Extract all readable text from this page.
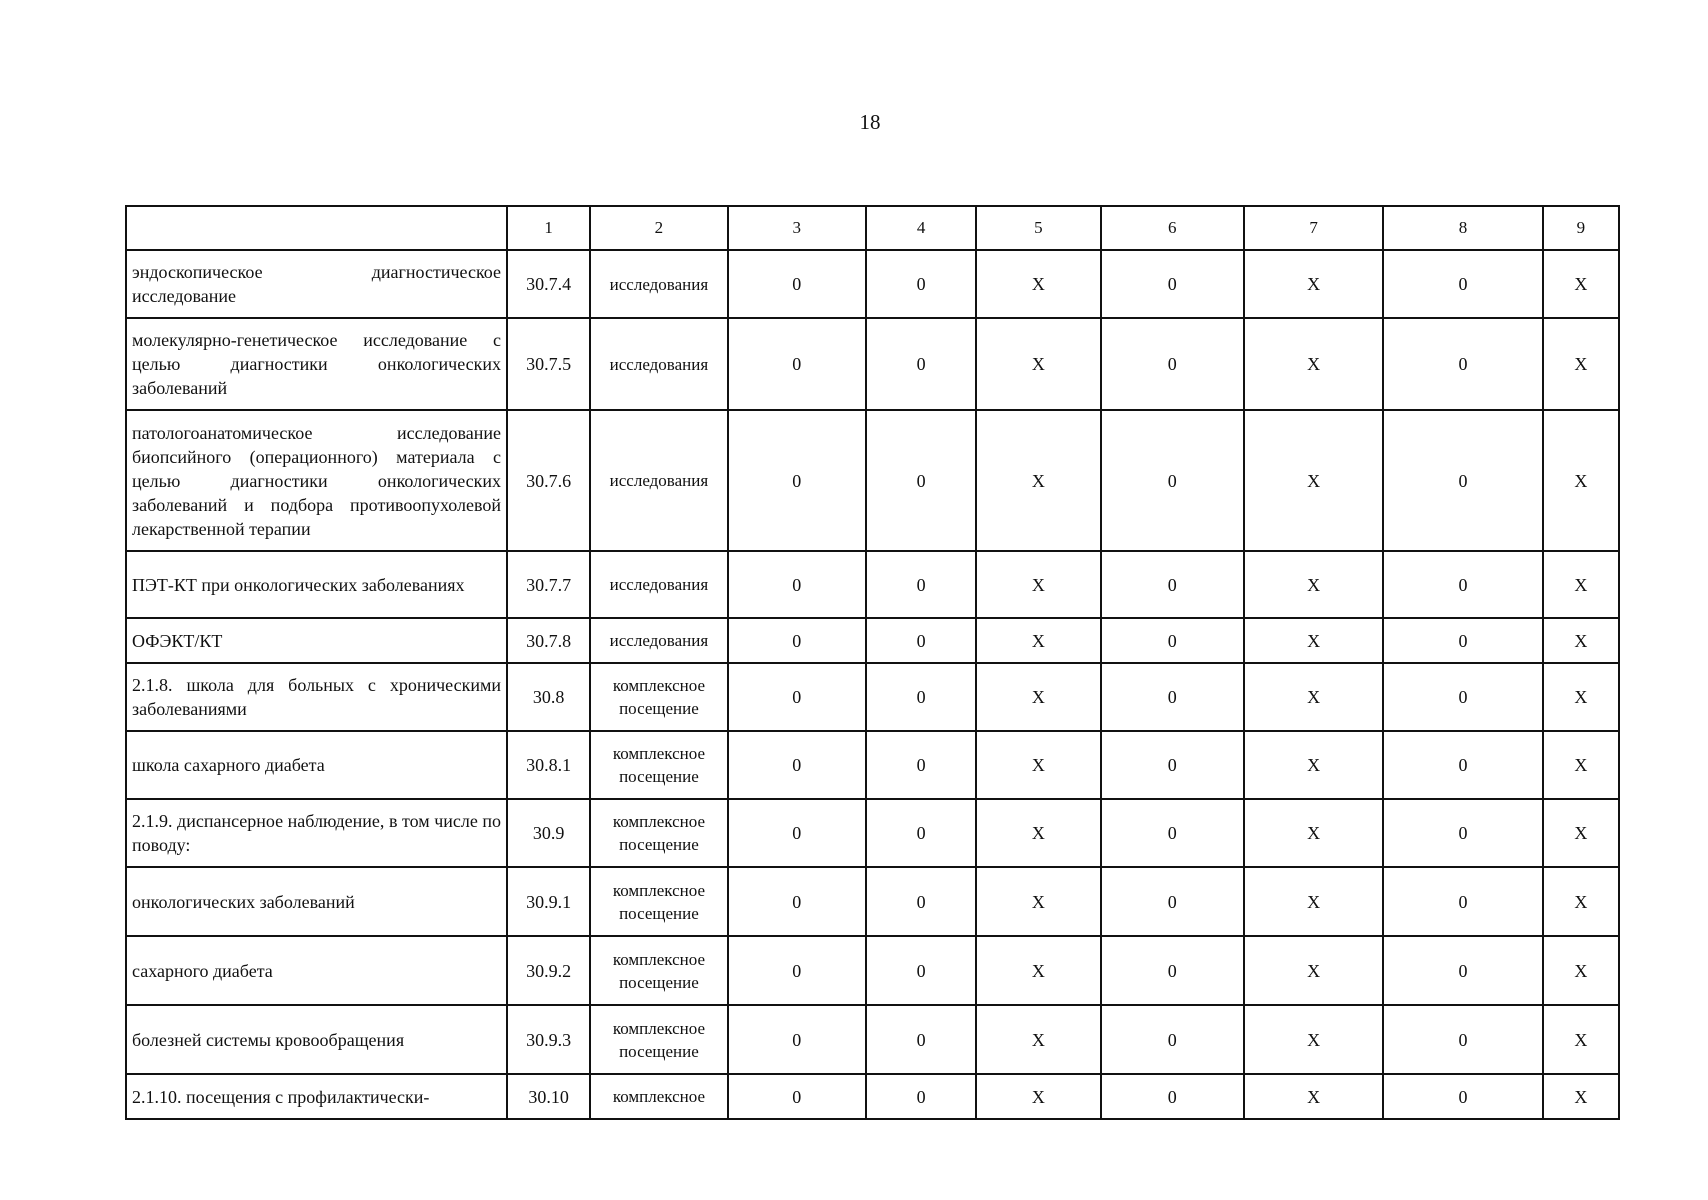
18
	1	2	3	4	5	6	7	8	9
эндоскопическое диагностическое исследование	30.7.4	исследования	0	0	X	0	X	0	X
молекулярно-генетическое исследование с целью диагностики онкологических заболеваний	30.7.5	исследования	0	0	X	0	X	0	X
патологоанатомическое исследование биопсийного (операционного) материала с целью диагностики онкологических заболеваний и подбора противоопухолевой лекарственной терапии	30.7.6	исследования	0	0	X	0	X	0	X
ПЭТ-КТ при онкологических заболеваниях	30.7.7	исследования	0	0	X	0	X	0	X
ОФЭКТ/КТ	30.7.8	исследования	0	0	X	0	X	0	X
2.1.8. школа для больных с хроническими заболеваниями	30.8	комплексное посещение	0	0	X	0	X	0	X
школа сахарного диабета	30.8.1	комплексное посещение	0	0	X	0	X	0	X
2.1.9. диспансерное наблюдение, в том числе по поводу:	30.9	комплексное посещение	0	0	X	0	X	0	X
онкологических заболеваний	30.9.1	комплексное посещение	0	0	X	0	X	0	X
сахарного диабета	30.9.2	комплексное посещение	0	0	X	0	X	0	X
болезней системы кровообращения	30.9.3	комплексное посещение	0	0	X	0	X	0	X
2.1.10. посещения с профилактически-	30.10	комплексное	0	0	X	0	X	0	X
